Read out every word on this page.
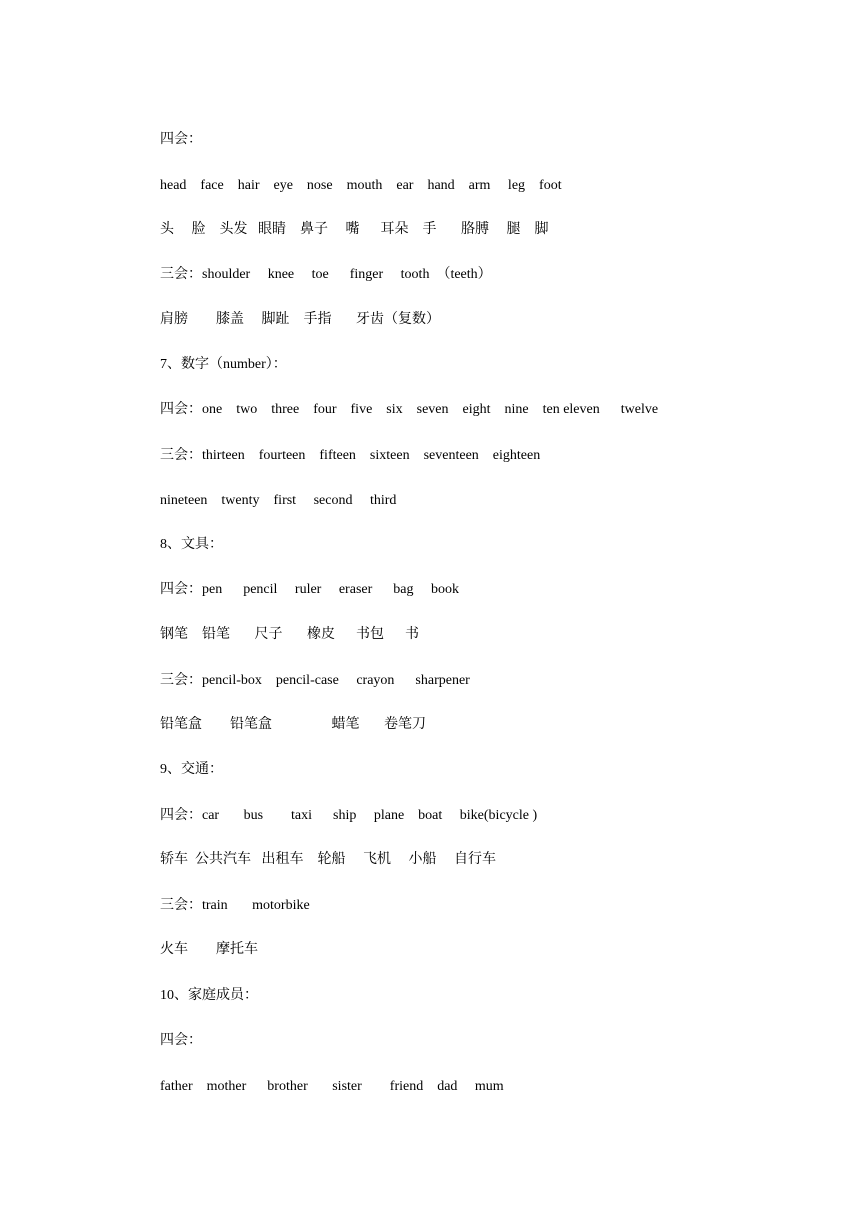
四会：
head    face    hair    eye    nose    mouth    ear    hand    arm     leg    foot
头     脸    头发   眼睛    鼻子     嘴      耳朵    手       胳膊     腿    脚
三会：shoulder     knee     toe      finger     tooth  （teeth）
肩膀        膝盖     脚趾    手指       牙齿（复数）
7、数字（number）：
四会：one    two    three    four    five    six    seven    eight    nine    ten eleven      twelve
三会：thirteen    fourteen    fifteen    sixteen    seventeen    eighteen
nineteen    twenty    first     second     third
8、文具：
四会：pen      pencil     ruler     eraser      bag     book
钢笔    铅笔       尺子       橡皮      书包      书
三会：pencil-box    pencil-case     crayon      sharpener
铅笔盒        铅笔盒                 蜡笔       卷笔刀
9、交通：
四会：car       bus        taxi      ship     plane    boat     bike(bicycle )
轿车  公共汽车   出租车    轮船     飞机     小船     自行车
三会：train       motorbike
火车        摩托车
10、家庭成员：
四会：
father    mother      brother       sister        friend    dad     mum
